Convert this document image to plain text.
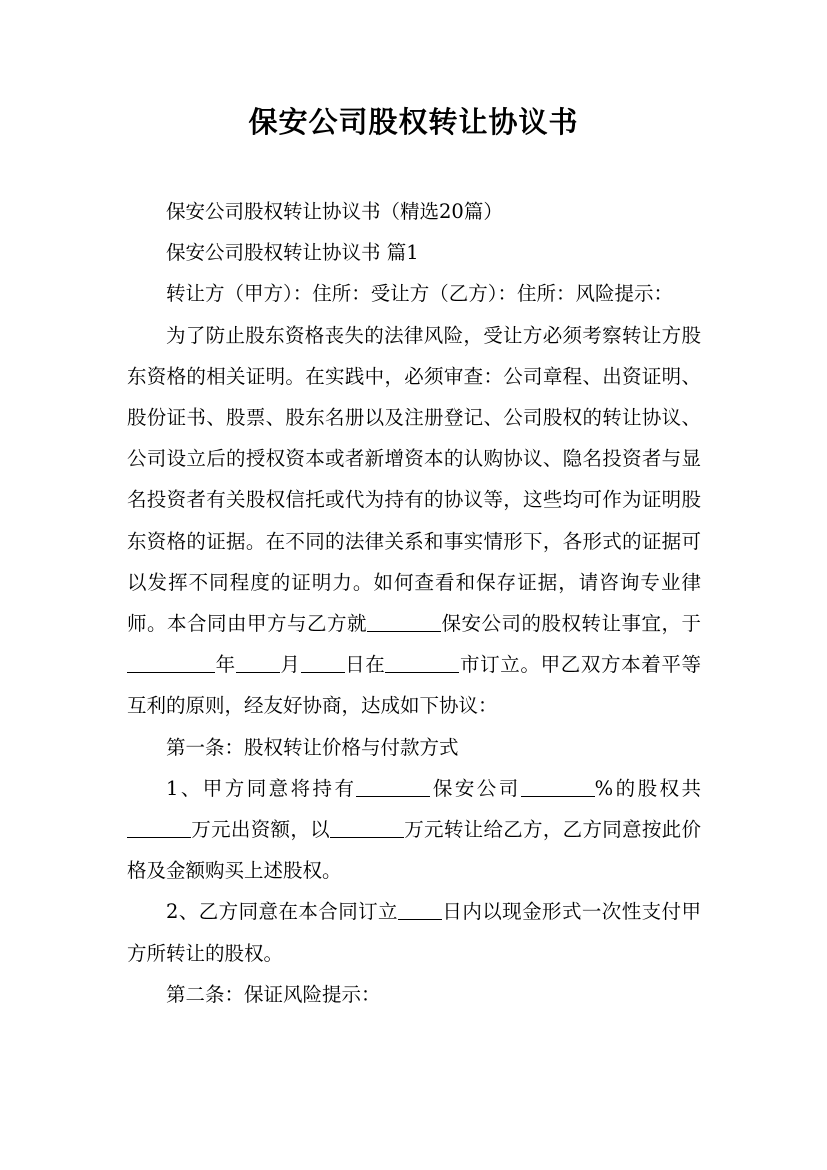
保安公司股权转让协议书

保安公司股权转让协议书（精选20篇）

保安公司股权转让协议书 篇1

转让方（甲方）：住所：受让方（乙方）：住所：风险提示：

为了防止股东资格丧失的法律风险，受让方必须考察转让方股东资格的相关证明。在实践中，必须审查：公司章程、出资证明、股份证书、股票、股东名册以及注册登记、公司股权的转让协议、公司设立后的授权资本或者新增资本的认购协议、隐名投资者与显名投资者有关股权信托或代为持有的协议等，这些均可作为证明股东资格的证据。在不同的法律关系和事实情形下，各形式的证据可以发挥不同程度的证明力。如何查看和保存证据，请咨询专业律师。本合同由甲方与乙方就	保安公司的股权转让事宜，于年 月 日在	市订立。甲乙双方本着平等互利的原则，经友好协商，达成如下协议：

第一条：股权转让价格与付款方式

1、甲方同意将持有	保安公司	%的股权共万元出资额，以	万元转让给乙方，乙方同意按此价格及金额购买上述股权。

2、乙方同意在本合同订立 日内以现金形式一次性支付甲方所转让的股权。

第二条：保证风险提示：
